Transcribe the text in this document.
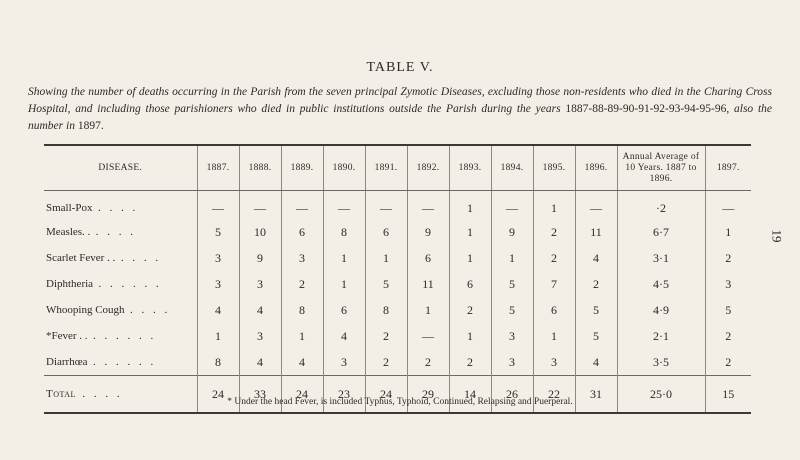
TABLE V.
Showing the number of deaths occurring in the Parish from the seven principal Zymotic Diseases, excluding those non-residents who died in the Charing Cross Hospital, and including those parishioners who died in public institutions outside the Parish during the years 1887-88-89-90-91-92-93-94-95-96, also the number in 1897.
19
DISEASE.	1887.	1888.	1889.	1890.	1891.	1892.	1893.	1894.	1895.	1896.	Annual Average of 10 Years. 1887 to 1896.	1897.
Small-Pox . . . .	—	—	—	—	—	—	1	—	1	—	·2	—
Measles. . . . . .	5	10	6	8	6	9	1	9	2	11	6·7	1
Scarlet Fever . . . . . .	3	9	3	1	1	6	1	1	2	4	3·1	2
Diphtheria . . . . . .	3	3	2	1	5	11	6	5	7	2	4·5	3
Whooping Cough . . . .	4	4	8	6	8	1	2	5	6	5	4·9	5
*Fever . . . . . . . .	1	3	1	4	2	—	1	3	1	5	2·1	2
Diarrhœa . . . . . .	8	4	4	3	2	2	2	3	3	4	3·5	2
Total . . . .	24	33	24	23	24	29	14	26	22	31	25·0	15
* Under the head Fever, is included Typhus, Typhoid, Continued, Relapsing and Puerperal.
